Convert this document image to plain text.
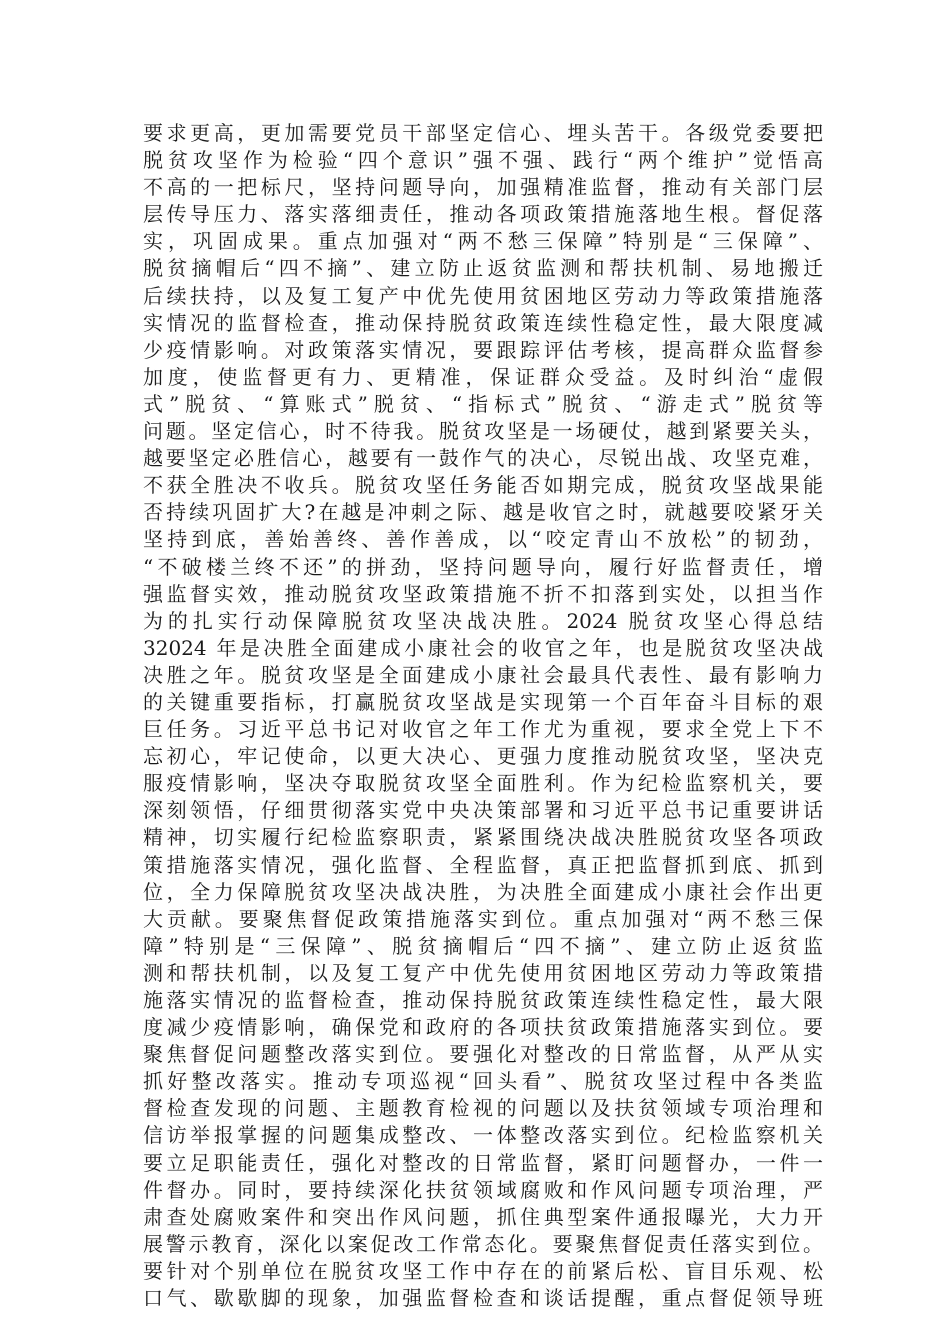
要求更高，更加需要党员干部坚定信心、埋头苦干。各级党委要把
脱贫攻坚作为检验“四个意识”强不强、践行“两个维护”觉悟高
不高的一把标尺，坚持问题导向，加强精准监督，推动有关部门层
层传导压力、落实落细责任，推动各项政策措施落地生根。督促落
实，巩固成果。重点加强对“两不愁三保障”特别是“三保障”、
脱贫摘帽后“四不摘”、建立防止返贫监测和帮扶机制、易地搬迁
后续扶持，以及复工复产中优先使用贫困地区劳动力等政策措施落
实情况的监督检查，推动保持脱贫政策连续性稳定性，最大限度减
少疫情影响。对政策落实情况，要跟踪评估考核，提高群众监督参
加度，使监督更有力、更精准，保证群众受益。及时纠治“虚假
式”脱贫、“算账式”脱贫、“指标式”脱贫、“游走式”脱贫等
问题。坚定信心，时不待我。脱贫攻坚是一场硬仗，越到紧要关头，
越要坚定必胜信心，越要有一鼓作气的决心，尽锐出战、攻坚克难，
不获全胜决不收兵。脱贫攻坚任务能否如期完成，脱贫攻坚战果能
否持续巩固扩大?在越是冲刺之际、越是收官之时，就越要咬紧牙关
坚持到底，善始善终、善作善成，以“咬定青山不放松”的韧劲，
“不破楼兰终不还”的拼劲，坚持问题导向，履行好监督责任，增
强监督实效，推动脱贫攻坚政策措施不折不扣落到实处，以担当作
为的扎实行动保障脱贫攻坚决战决胜。2024 脱贫攻坚心得总结
32024 年是决胜全面建成小康社会的收官之年，也是脱贫攻坚决战
决胜之年。脱贫攻坚是全面建成小康社会最具代表性、最有影响力
的关键重要指标，打赢脱贫攻坚战是实现第一个百年奋斗目标的艰
巨任务。习近平总书记对收官之年工作尤为重视，要求全党上下不
忘初心，牢记使命，以更大决心、更强力度推动脱贫攻坚，坚决克
服疫情影响，坚决夺取脱贫攻坚全面胜利。作为纪检监察机关，要
深刻领悟，仔细贯彻落实党中央决策部署和习近平总书记重要讲话
精神，切实履行纪检监察职责，紧紧围绕决战决胜脱贫攻坚各项政
策措施落实情况，强化监督、全程监督，真正把监督抓到底、抓到
位，全力保障脱贫攻坚决战决胜，为决胜全面建成小康社会作出更
大贡献。要聚焦督促政策措施落实到位。重点加强对“两不愁三保
障”特别是“三保障”、脱贫摘帽后“四不摘”、建立防止返贫监
测和帮扶机制，以及复工复产中优先使用贫困地区劳动力等政策措
施落实情况的监督检查，推动保持脱贫政策连续性稳定性，最大限
度减少疫情影响，确保党和政府的各项扶贫政策措施落实到位。要
聚焦督促问题整改落实到位。要强化对整改的日常监督，从严从实
抓好整改落实。推动专项巡视“回头看”、脱贫攻坚过程中各类监
督检查发现的问题、主题教育检视的问题以及扶贫领域专项治理和
信访举报掌握的问题集成整改、一体整改落实到位。纪检监察机关
要立足职能责任，强化对整改的日常监督，紧盯问题督办，一件一
件督办。同时，要持续深化扶贫领域腐败和作风问题专项治理，严
肃查处腐败案件和突出作风问题，抓住典型案件通报曝光，大力开
展警示教育，深化以案促改工作常态化。要聚焦督促责任落实到位。
要针对个别单位在脱贫攻坚工作中存在的前紧后松、盲目乐观、松
口气、歇歇脚的现象，加强监督检查和谈话提醒，重点督促领导班
